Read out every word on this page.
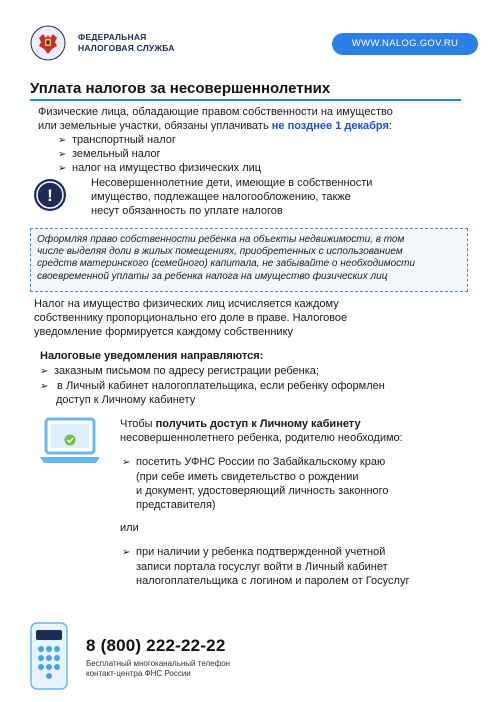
ФЕДЕРАЛЬНАЯ
НАЛОГОВАЯ СЛУЖБА	WWW.NALOG.GOV.RU
Уплата налогов за несовершеннолетних
Физические лица, обладающие правом собственности на имущество
или земельные участки, обязаны уплачивать не позднее 1 декабря:
➢ транспортный налог
➢ земельный налог
➢ налог на имущество физических лиц
!
Несовершеннолетние дети, имеющие в собственности
имущество, подлежащее налогообложению, также
несут обязанность по уплате налогов
Оформляя право собственности ребенка на объекты недвижимости, в том
числе выделяя доли в жилых помещениях, приобретенных с использованием
средств материнского (семейного) капитала, не забывайте о необходимости
своевременной уплаты за ребенка налога на имущество физических лиц
Налог на имущество физических лиц исчисляется каждому
собственнику пропорционально его доле в праве. Налоговое
уведомление формируется каждому собственнику
Налоговые уведомления направляются:
➢ заказным письмом по адресу регистрации ребенка;
➢ в Личный кабинет налогоплательщика, если ребенку оформлен
доступ к Личному кабинету
Чтобы получить доступ к Личному кабинету
несовершеннолетнего ребенка, родителю необходимо:
➢ посетить УФНС России по Забайкальскому краю
(при себе иметь свидетельство о рождении
и документ, удостоверяющий личность законного
представителя)
или
➢ при наличии у ребенка подтвержденной учетной
записи портала госуслуг войти в Личный кабинет
налогоплательщика с логином и паролем от Госуслуг
8 (800) 222-22-22
Бесплатный многоканальный телефон
контакт-центра ФНС России
